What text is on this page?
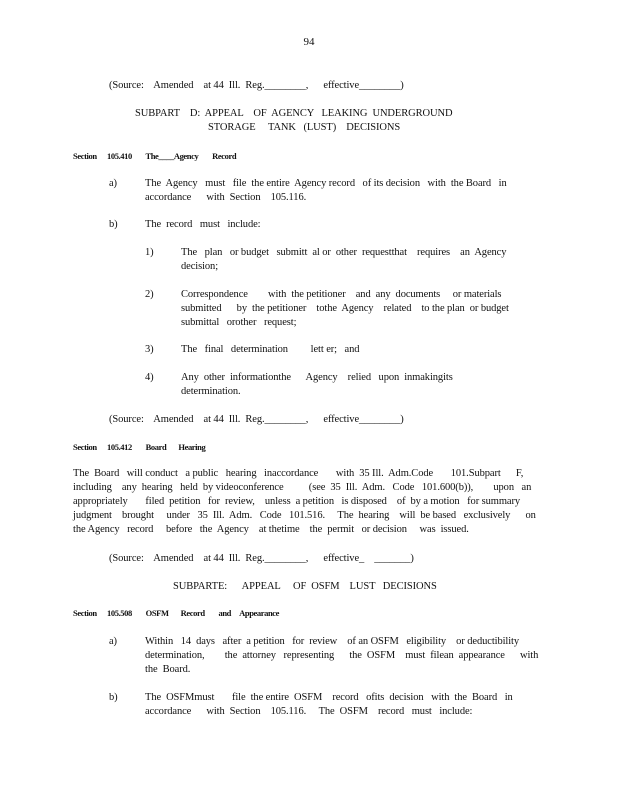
94
(Source:    Amended    at 44  Ill.  Reg.________,      effective________)
SUBPART    D:  APPEAL    OF  AGENCY   LEAKING  UNDERGROUND
STORAGE     TANK   (LUST)    DECISIONS
Section      105.410        The____Agency        Record
a)	The  Agency   must   file  the entire  Agency record   of its decision   with  the Board   in
accordance      with  Section    105.116.
b)	The  record   must   include:
1)	The   plan   or budget   submitt  al or  other  requestthat    requires    an  Agency
decision;
2)	Correspondence        with  the petitioner    and  any  documents     or materials
submitted      by  the petitioner    tothe  Agency    related    to the plan  or budget
submittal   orother   request;
3)	The   final   determination         lett er;   and
4)	Any  other  informationthe      Agency    relied   upon  inmakingits
determination.
(Source:    Amended    at 44  Ill.  Reg.________,      effective________)
Section      105.412        Board       Hearing
The  Board   will conduct   a public   hearing   inaccordance       with  35 Ill.  Adm.Code       101.Subpart      F,
including    any  hearing   held  by videoconference          (see  35  Ill.  Adm.   Code   101.600(b)),        upon   an
appropriately       filed  petition   for  review,    unless  a petition   is disposed    of  by a motion   for summary
judgment    brought     under   35  Ill.  Adm.   Code   101.516.     The  hearing    will  be based   exclusively      on
the Agency   record     before   the  Agency    at thetime    the  permit   or decision     was  issued.
(Source:    Amended    at 44  Ill.  Reg.________,      effective_    _______)
SUBPARTE:      APPEAL     OF  OSFM    LUST   DECISIONS
Section      105.508        OSFM       Record        and     Appearance
a)	Within   14  days   after  a petition   for  review    of an OSFM   eligibility    or deductibility
determination,        the  attorney   representing      the  OSFM    must  filean  appearance      with
the  Board.
b)	The  OSFMmust       file  the entire  OSFM    record   ofits  decision   with  the  Board   in
accordance      with  Section    105.116.     The  OSFM    record   must   include:
